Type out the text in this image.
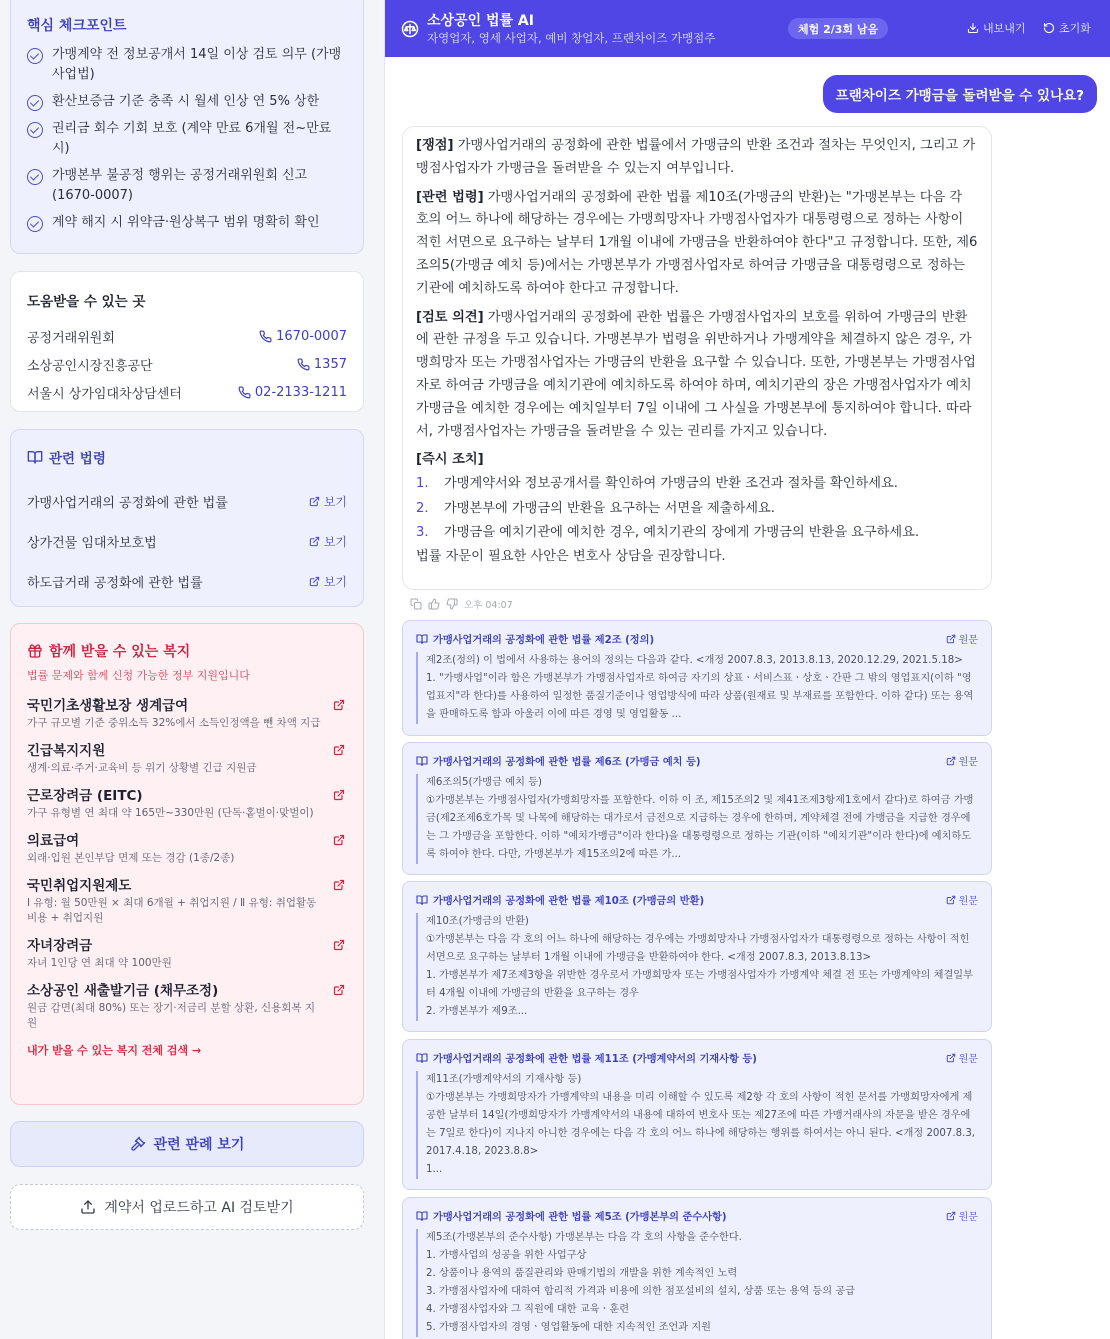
핵심 체크포인트
가맹계약 전 정보공개서 14일 이상 검토 의무 (가맹사업법)
환산보증금 기준 충족 시 월세 인상 연 5% 상한
권리금 회수 기회 보호 (계약 만료 6개월 전~만료시)
가맹본부 불공정 행위는 공정거래위원회 신고 (1670-0007)
계약 해지 시 위약금·원상복구 범위 명확히 확인
도움받을 수 있는 곳
공정거래위원회	1670-0007
소상공인시장진흥공단	1357
서울시 상가임대차상담센터	02-2133-1211
관련 법령
가맹사업거래의 공정화에 관한 법률	보기
상가건물 임대차보호법	보기
하도급거래 공정화에 관한 법률	보기
함께 받을 수 있는 복지
법률 문제와 함께 신청 가능한 정부 지원입니다
국민기초생활보장 생계급여
가구 규모별 기준 중위소득 32%에서 소득인정액을 뺀 차액 지급
긴급복지지원
생계·의료·주거·교육비 등 위기 상황별 긴급 지원금
근로장려금 (EITC)
가구 유형별 연 최대 약 165만~330만원 (단독·홑벌이·맞벌이)
의료급여
외래·입원 본인부담 면제 또는 경감 (1종/2종)
국민취업지원제도
Ⅰ 유형: 월 50만원 × 최대 6개월 + 취업지원 / Ⅱ 유형: 취업활동비용 + 취업지원
자녀장려금
자녀 1인당 연 최대 약 100만원
소상공인 새출발기금 (채무조정)
원금 감면(최대 80%) 또는 장기·저금리 분할 상환, 신용회복 지원
내가 받을 수 있는 복지 전체 검색 →
관련 판례 보기
계약서 업로드하고 AI 검토받기
소상공인 법률 AI
자영업자, 영세 사업자, 예비 창업자, 프랜차이즈 가맹점주
체험 2/3회 남음	내보내기	초기화
프랜차이즈 가맹금을 돌려받을 수 있나요?

[쟁점] 가맹사업거래의 공정화에 관한 법률에서 가맹금의 반환 조건과 절차는 무엇인지, 그리고 가맹점사업자가 가맹금을 돌려받을 수 있는지 여부입니다.

[관련 법령] 가맹사업거래의 공정화에 관한 법률 제10조(가맹금의 반환)는 "가맹본부는 다음 각 호의 어느 하나에 해당하는 경우에는 가맹희망자나 가맹점사업자가 대통령령으로 정하는 사항이 적힌 서면으로 요구하는 날부터 1개월 이내에 가맹금을 반환하여야 한다"고 규정합니다. 또한, 제6조의5(가맹금 예치 등)에서는 가맹본부가 가맹점사업자로 하여금 가맹금을 대통령령으로 정하는 기관에 예치하도록 하여야 한다고 규정합니다.

[검토 의견] 가맹사업거래의 공정화에 관한 법률은 가맹점사업자의 보호를 위하여 가맹금의 반환에 관한 규정을 두고 있습니다. 가맹본부가 법령을 위반하거나 가맹계약을 체결하지 않은 경우, 가맹희망자 또는 가맹점사업자는 가맹금의 반환을 요구할 수 있습니다. 또한, 가맹본부는 가맹점사업자로 하여금 가맹금을 예치기관에 예치하도록 하여야 하며, 예치기관의 장은 가맹점사업자가 예치가맹금을 예치한 경우에는 예치일부터 7일 이내에 그 사실을 가맹본부에 통지하여야 합니다. 따라서, 가맹점사업자는 가맹금을 돌려받을 수 있는 권리를 가지고 있습니다.

[즉시 조치]

1.	가맹계약서와 정보공개서를 확인하여 가맹금의 반환 조건과 절차를 확인하세요.
2.	가맹본부에 가맹금의 반환을 요구하는 서면을 제출하세요.
3.	가맹금을 예치기관에 예치한 경우, 예치기관의 장에게 가맹금의 반환을 요구하세요.

법률 자문이 필요한 사안은 변호사 상담을 권장합니다.

오후 04:07
가맹사업거래의 공정화에 관한 법률 제2조 (정의)	원문
제2조(정의) 이 법에서 사용하는 용어의 정의는 다음과 같다. <개정 2007.8.3, 2013.8.13, 2020.12.29, 2021.5.18>
1. "가맹사업"이라 함은 가맹본부가 가맹점사업자로 하여금 자기의 상표ㆍ서비스표ㆍ상호ㆍ간판 그 밖의 영업표지(이하 "영업표지"라 한다)를 사용하여 일정한 품질기준이나 영업방식에 따라 상품(원재료 및 부재료를 포함한다. 이하 같다) 또는 용역을 판매하도록 함과 아울러 이에 따른 경영 및 영업활동 ...
가맹사업거래의 공정화에 관한 법률 제6조 (가맹금 예치 등)	원문
제6조의5(가맹금 예치 등)
①가맹본부는 가맹점사업자(가맹희망자를 포함한다. 이하 이 조, 제15조의2 및 제41조제3항제1호에서 같다)로 하여금 가맹금(제2조제6호가목 및 나목에 해당하는 대가로서 금전으로 지급하는 경우에 한하며, 계약체결 전에 가맹금을 지급한 경우에는 그 가맹금을 포함한다. 이하 "예치가맹금"이라 한다)을 대통령령으로 정하는 기관(이하 "예치기관"이라 한다)에 예치하도록 하여야 한다. 다만, 가맹본부가 제15조의2에 따른 가...
가맹사업거래의 공정화에 관한 법률 제10조 (가맹금의 반환)	원문
제10조(가맹금의 반환)
①가맹본부는 다음 각 호의 어느 하나에 해당하는 경우에는 가맹희망자나 가맹점사업자가 대통령령으로 정하는 사항이 적힌 서면으로 요구하는 날부터 1개월 이내에 가맹금을 반환하여야 한다. <개정 2007.8.3, 2013.8.13>
1. 가맹본부가 제7조제3항을 위반한 경우로서 가맹희망자 또는 가맹점사업자가 가맹계약 체결 전 또는 가맹계약의 체결일부터 4개월 이내에 가맹금의 반환을 요구하는 경우
2. 가맹본부가 제9조...
가맹사업거래의 공정화에 관한 법률 제11조 (가맹계약서의 기재사항 등)	원문
제11조(가맹계약서의 기재사항 등)
①가맹본부는 가맹희망자가 가맹계약의 내용을 미리 이해할 수 있도록 제2항 각 호의 사항이 적힌 문서를 가맹희망자에게 제공한 날부터 14일(가맹희망자가 가맹계약서의 내용에 대하여 변호사 또는 제27조에 따른 가맹거래사의 자문을 받은 경우에는 7일로 한다)이 지나지 아니한 경우에는 다음 각 호의 어느 하나에 해당하는 행위를 하여서는 아니 된다. <개정 2007.8.3, 2017.4.18, 2023.8.8>
1...
가맹사업거래의 공정화에 관한 법률 제5조 (가맹본부의 준수사항)	원문
제5조(가맹본부의 준수사항) 가맹본부는 다음 각 호의 사항을 준수한다.
1. 가맹사업의 성공을 위한 사업구상
2. 상품이나 용역의 품질관리와 판매기법의 개발을 위한 계속적인 노력
3. 가맹점사업자에 대하여 합리적 가격과 비용에 의한 점포설비의 설치, 상품 또는 용역 등의 공급
4. 가맹점사업자와 그 직원에 대한 교육ㆍ훈련
5. 가맹점사업자의 경영ㆍ영업활동에 대한 지속적인 조언과 지원
